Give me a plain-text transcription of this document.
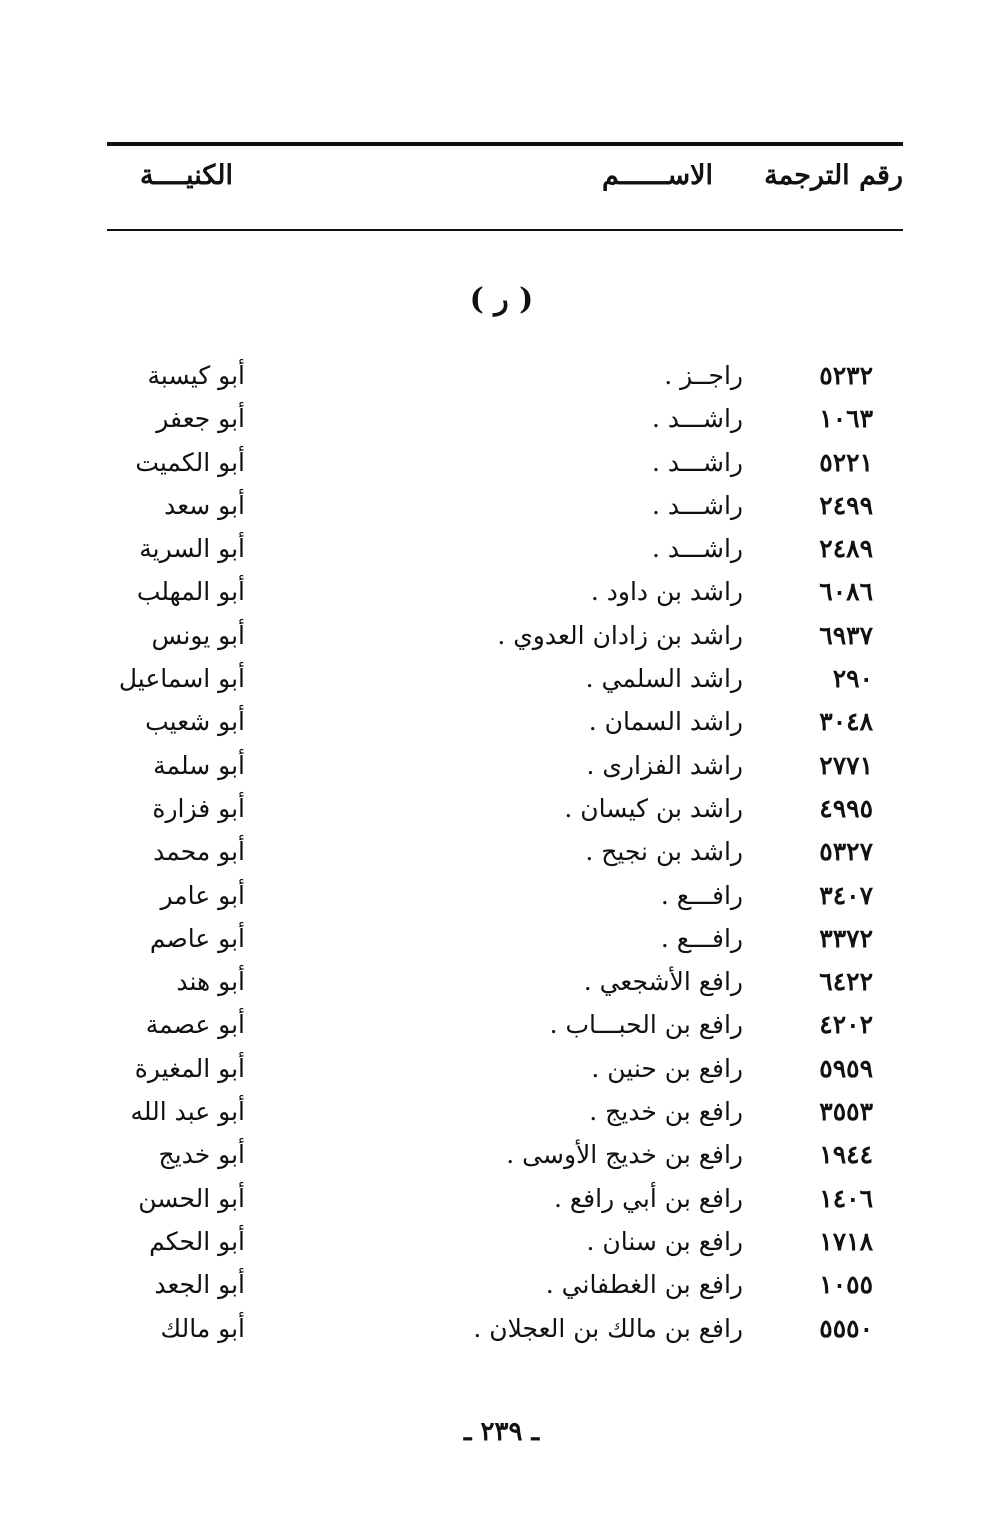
رقم الترجمة
الاســــــم
الكنيــــة
( ر )
٥٢٣٢
راجــز .
أبو كيسبة
١٠٦٣
راشـــد .
أبو جعفر
٥٢٢١
راشـــد .
أبو الكميت
٢٤٩٩
راشـــد .
أبو سعد
٢٤٨٩
راشـــد .
أبو السرية
٦٠٨٦
راشد بن داود .
أبو المهلب
٦٩٣٧
راشد بن زادان العدوي .
أبو يونس
٢٩٠
راشد السلمي .
أبو اسماعيل
٣٠٤٨
راشد السمان .
أبو شعيب
٢٧٧١
راشد الفزارى .
أبو سلمة
٤٩٩٥
راشد بن كيسان .
أبو فزارة
٥٣٢٧
راشد بن نجيح .
أبو محمد
٣٤٠٧
رافـــع .
أبو عامر
٣٣٧٢
رافـــع .
أبو عاصم
٦٤٢٢
رافع الأشجعي .
أبو هند
٤٢٠٢
رافع بن الحبـــاب .
أبو عصمة
٥٩٥٩
رافع بن حنين .
أبو المغيرة
٣٥٥٣
رافع بن خديج .
أبو عبد الله
١٩٤٤
رافع بن خديج الأوسى .
أبو خديج
١٤٠٦
رافع بن أبي رافع .
أبو الحسن
١٧١٨
رافع بن سنان .
أبو الحكم
١٠٥٥
رافع بن الغطفاني .
أبو الجعد
٥٥٥٠
رافع بن مالك بن العجلان .
أبو مالك
ـ ٢٣٩ ـ
